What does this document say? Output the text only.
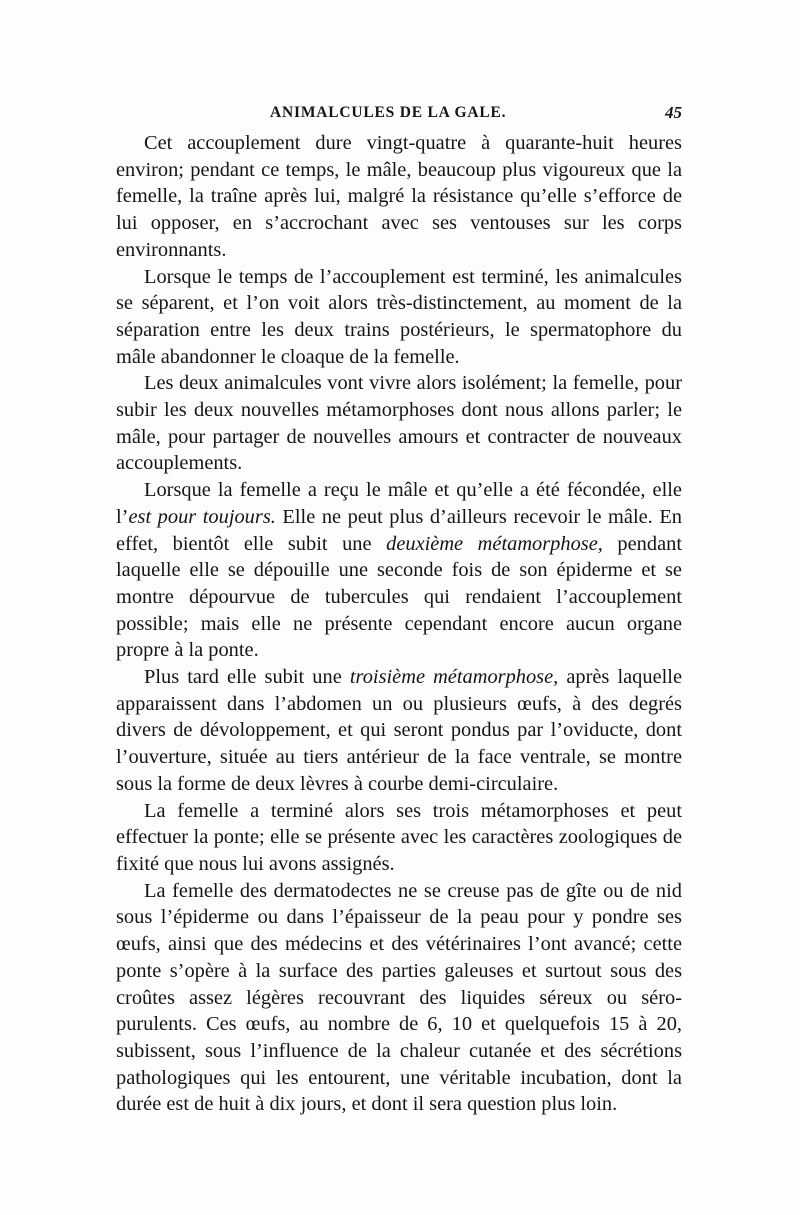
ANIMALCULES DE LA GALE.	45

Cet accouplement dure vingt-quatre à quarante-huit heures environ; pendant ce temps, le mâle, beaucoup plus vigoureux que la femelle, la traîne après lui, malgré la résistance qu’elle s’efforce de lui opposer, en s’accrochant avec ses ventouses sur les corps environnants.

Lorsque le temps de l’accouplement est terminé, les animalcules se séparent, et l’on voit alors très-distinctement, au moment de la séparation entre les deux trains postérieurs, le spermatophore du mâle abandonner le cloaque de la femelle.

Les deux animalcules vont vivre alors isolément; la femelle, pour subir les deux nouvelles métamorphoses dont nous allons parler; le mâle, pour partager de nouvelles amours et contracter de nouveaux accouplements.

Lorsque la femelle a reçu le mâle et qu’elle a été fécondée, elle l’est pour toujours. Elle ne peut plus d’ailleurs recevoir le mâle. En effet, bientôt elle subit une deuxième métamorphose, pendant laquelle elle se dépouille une seconde fois de son épiderme et se montre dépourvue de tubercules qui rendaient l’accouplement possible; mais elle ne présente cependant encore aucun organe propre à la ponte.

Plus tard elle subit une troisième métamorphose, après laquelle apparaissent dans l’abdomen un ou plusieurs œufs, à des degrés divers de dévoloppement, et qui seront pondus par l’oviducte, dont l’ouverture, située au tiers antérieur de la face ventrale, se montre sous la forme de deux lèvres à courbe demi-circulaire.

La femelle a terminé alors ses trois métamorphoses et peut effectuer la ponte; elle se présente avec les caractères zoologiques de fixité que nous lui avons assignés.

La femelle des dermatodectes ne se creuse pas de gîte ou de nid sous l’épiderme ou dans l’épaisseur de la peau pour y pondre ses œufs, ainsi que des médecins et des vétérinaires l’ont avancé; cette ponte s’opère à la surface des parties galeuses et surtout sous des croûtes assez légères recouvrant des liquides séreux ou séro-purulents. Ces œufs, au nombre de 6, 10 et quelquefois 15 à 20, subissent, sous l’influence de la chaleur cutanée et des sécrétions pathologiques qui les entourent, une véritable incubation, dont la durée est de huit à dix jours, et dont il sera question plus loin.
